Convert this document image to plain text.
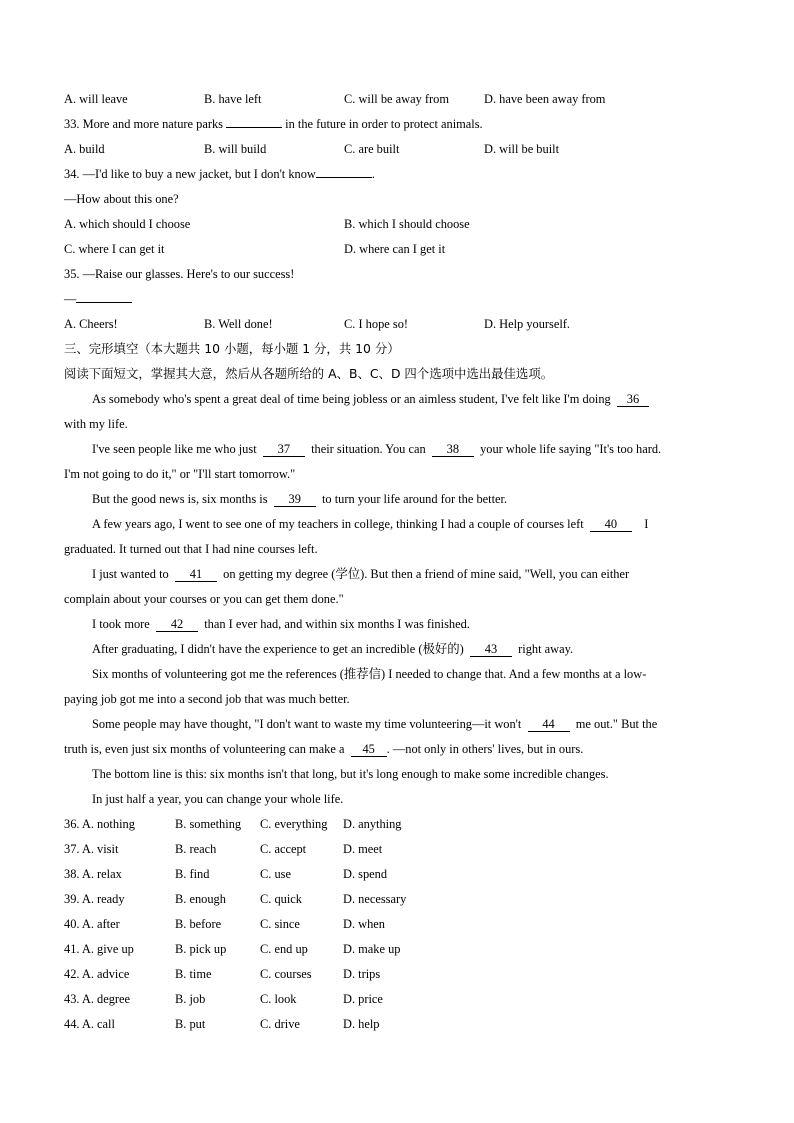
A. will leave	B. have left	C. will be away from	D. have been away from
33. More and more nature parks	in the future in order to protect animals.
A. build	B. will build	C. are built	D. will be built
34. —I'd like to buy a new jacket, but I don't know	.
—How about this one?
A. which should I choose	B. which I should choose
C. where I can get it	D. where can I get it
35. —Raise our glasses. Here's to our success!
—
A. Cheers!	B. Well done!	C. I hope so!	D. Help yourself.
三、完形填空（本大题共 10 小题，每小题 1 分，共 10 分）
阅读下面短文，掌握其大意，然后从各题所给的 A、B、C、D 四个选项中选出最佳选项。
As somebody who's spent a great deal of time being jobless or an aimless student, I've felt like I'm doing 36
with my life.
I've seen people like me who just 37 their situation. You can 38 your whole life saying "It's too hard.
I'm not going to do it," or "I'll start tomorrow."
But the good news is, six months is 39 to turn your life around for the better.
A few years ago, I went to see one of my teachers in college, thinking I had a couple of courses left 40 I
graduated. It turned out that I had nine courses left.
I just wanted to 41 on getting my degree (学位). But then a friend of mine said, "Well, you can either
complain about your courses or you can get them done."
I took more 42 than I ever had, and within six months I was finished.
After graduating, I didn't have the experience to get an incredible (极好的) 43 right away.
Six months of volunteering got me the references (推荐信) I needed to change that. And a few months at a low-
paying job got me into a second job that was much better.
Some people may have thought, "I don't want to waste my time volunteering—it won't 44 me out." But the
truth is, even just six months of volunteering can make a 45 . —not only in others' lives, but in ours.
The bottom line is this: six months isn't that long, but it's long enough to make some incredible changes.
In just half a year, you can change your whole life.
36. A. nothing	B. something C. everything D. anything
37. A. visit	B. reach	C. accept	D. meet
38. A. relax	B. find	C. use	D. spend
39. A. ready	B. enough	C. quick	D. necessary
40. A. after	B. before	C. since	D. when
41. A. give up	B. pick up	C. end up	D. make up
42. A. advice	B. time	C. courses	D. trips
43. A. degree	B. job	C. look	D. price
44. A. call	B. put	C. drive	D. help
